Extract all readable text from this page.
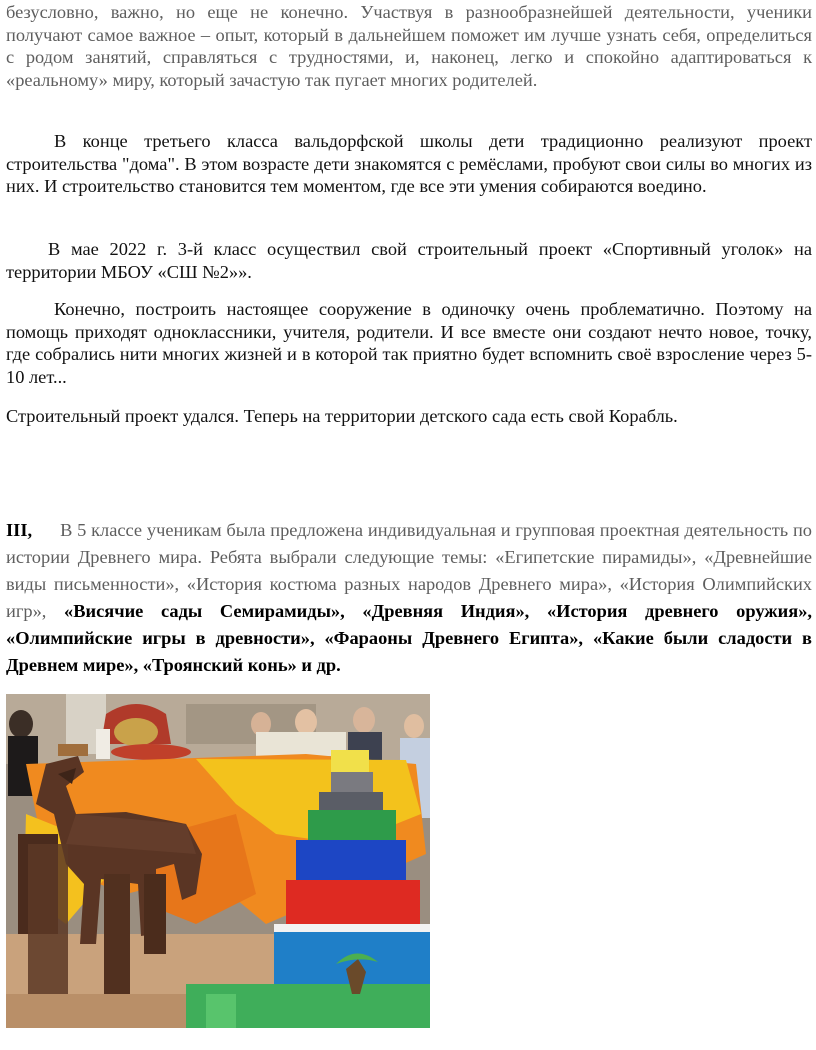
безусловно, важно, но еще не конечно. Участвуя в разнообразнейшей деятельности, ученики получают самое важное – опыт, который в дальнейшем поможет им лучше узнать себя, определиться с родом занятий, справляться с трудностями, и, наконец, легко и спокойно адаптироваться к «реальному» миру, который зачастую так пугает многих родителей.

В конце третьего класса вальдорфской школы дети традиционно реализуют проект строительства "дома". В этом возрасте дети знакомятся с ремёслами, пробуют свои силы во многих из них. И строительство становится тем моментом, где все эти умения собираются воедино.

В мае 2022 г. 3-й класс осуществил свой строительный проект «Спортивный уголок» на территории МБОУ «СШ №2»».

Конечно, построить настоящее сооружение в одиночку очень проблематично. Поэтому на помощь приходят одноклассники, учителя, родители. И все вместе они создают нечто новое, точку, где собрались нити многих жизней и в которой так приятно будет вспомнить своё взросление через 5-10 лет...

Строительный проект удался. Теперь на территории детского сада есть свой Корабль.

III, В 5 классе ученикам была предложена индивидуальная и групповая проектная деятельность по истории Древнего мира. Ребята выбрали следующие темы: «Египетские пирамиды», «Древнейшие виды письменности», «История костюма разных народов Древнего мира», «История Олимпийских игр», «Висячие сады Семирамиды», «Древняя Индия», «История древнего оружия», «Олимпийские игры в древности», «Фараоны Древнего Египта», «Какие были сладости в Древнем мире», «Троянский конь» и др.
